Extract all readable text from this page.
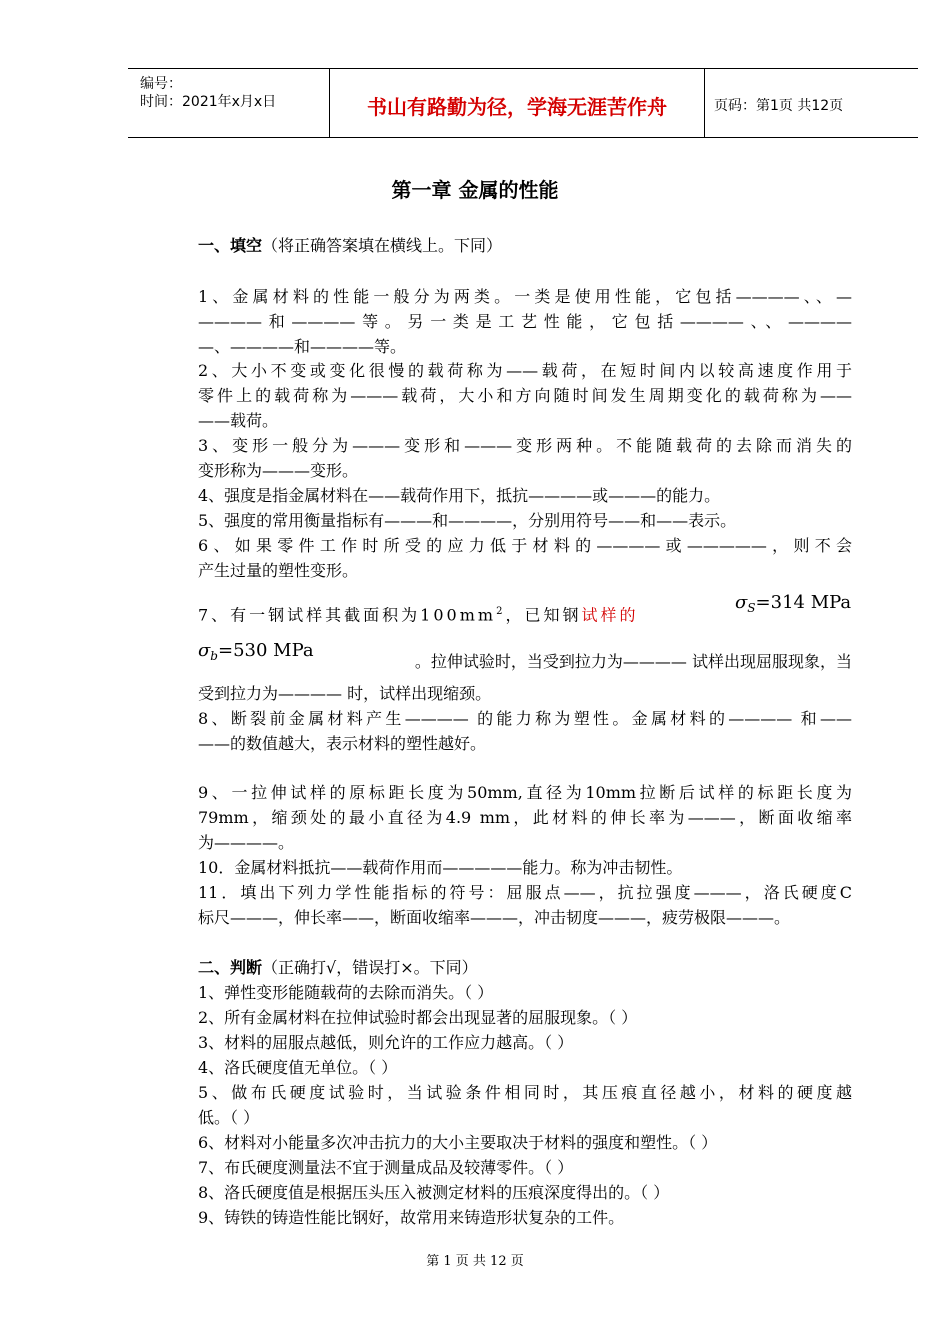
编号：
时间：2021年x月x日	书山有路勤为径，学海无涯苦作舟	页码：第1页 共12页
第一章 金属的性能
一、填空（将正确答案填在横线上。下同）
1、金属材料的性能一般分为两类。一类是使用性能，它包括————、、—
————和————等。另一类是工艺性能，它包括————、、————
—、————和————等。
2、大小不变或变化很慢的载荷称为——载荷，在短时间内以较高速度作用于
零件上的载荷称为———载荷，大小和方向随时间发生周期变化的载荷称为——
——载荷。
3、变形一般分为———变形和———变形两种。不能随载荷的去除而消失的
变形称为———变形。
4、强度是指金属材料在——载荷作用下，抵抗————或———的能力。
5、强度的常用衡量指标有———和————，分别用符号——和——表示。
6、如果零件工作时所受的应力低于材料的————或—————，则不会
产生过量的塑性变形。
7、有一钢试样其截面积为$100mm^2$，已知钢试样的
$\sigma_S=314$ MPa
$\sigma_b=530$ MPa
。拉伸试验时，当受到拉力为———— 试样出现屈服现象，当
受到拉力为———— 时，试样出现缩颈。
8、断裂前金属材料产生———— 的能力称为塑性。金属材料的———— 和——
——的数值越大，表示材料的塑性越好。
9、一拉伸试样的原标距长度为50mm,直径为10mm拉断后试样的标距长度为
79mm，缩颈处的最小直径为4.9 mm，此材料的伸长率为———，断面收缩率
为————。
10．金属材料抵抗——载荷作用而—————能力。称为冲击韧性。
11．填出下列力学性能指标的符号：屈服点——，抗拉强度———，洛氏硬度C
标尺———，伸长率——，断面收缩率———，冲击韧度———，疲劳极限———。
二、判断（正确打√，错误打×。下同）
1、弹性变形能随载荷的去除而消失。（ ）
2、所有金属材料在拉伸试验时都会出现显著的屈服现象。（ ）
3、材料的屈服点越低，则允许的工作应力越高。（ ）
4、洛氏硬度值无单位。（ ）
5、做布氏硬度试验时，当试验条件相同时，其压痕直径越小，材料的硬度越
低。（ ）
6、材料对小能量多次冲击抗力的大小主要取决于材料的强度和塑性。（ ）
7、布氏硬度测量法不宜于测量成品及较薄零件。（ ）
8、洛氏硬度值是根据压头压入被测定材料的压痕深度得出的。（ ）
9、铸铁的铸造性能比钢好，故常用来铸造形状复杂的工件。
第 1 页 共 12 页
